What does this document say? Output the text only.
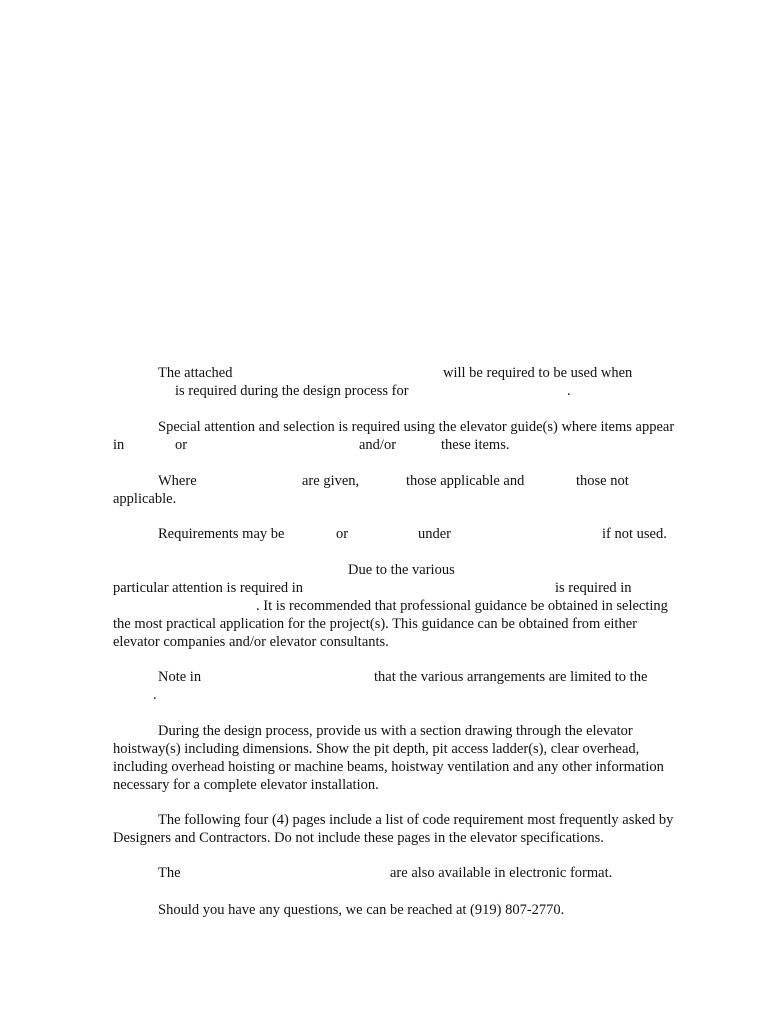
The attached	will be required to be used when
is required during the design process for	.
Special attention and selection is required using the elevator guide(s) where items appear
in	or	and/or	these items.
Where	are given,	those applicable and	those not
applicable.
Requirements may be	or	under	if not used.
Due to the various
particular attention is required in	is required in
. It is recommended that professional guidance be obtained in selecting
the most practical application for the project(s). This guidance can be obtained from either
elevator companies and/or elevator consultants.
Note in	that the various arrangements are limited to the
.
During the design process, provide us with a section drawing through the elevator
hoistway(s) including dimensions. Show the pit depth, pit access ladder(s), clear overhead,
including overhead hoisting or machine beams, hoistway ventilation and any other information
necessary for a complete elevator installation.
The following four (4) pages include a list of code requirement most frequently asked by
Designers and Contractors. Do not include these pages in the elevator specifications.
The	are also available in electronic format.
Should you have any questions, we can be reached at (919) 807-2770.
